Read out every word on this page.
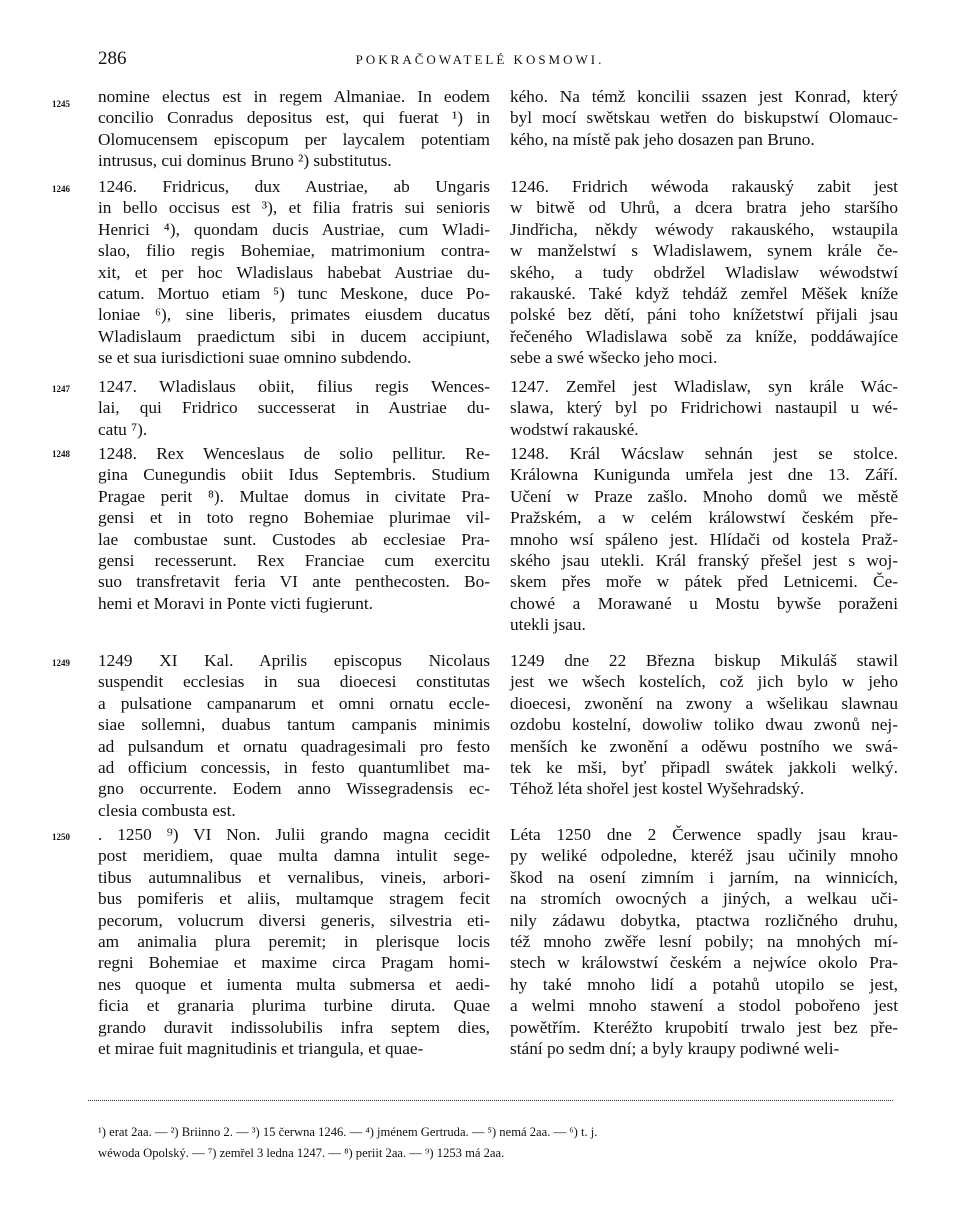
286	POKRAČOWATELÉ KOSMOWI.
1245
1246
1247
1248
1249
1250
nomine electus est in regem Almaniae. In eodem
concilio Conradus depositus est, qui fuerat ¹) in
Olomucensem episcopum per laycalem potentiam
intrusus, cui dominus Bruno ²) substitutus.
1246. Fridricus, dux Austriae, ab Ungaris
in bello occisus est ³), et filia fratris sui senioris
Henrici ⁴), quondam ducis Austriae, cum Wladi-
slao, filio regis Bohemiae, matrimonium contra-
xit, et per hoc Wladislaus habebat Austriae du-
catum. Mortuo etiam ⁵) tunc Meskone, duce Po-
loniae ⁶), sine liberis, primates eiusdem ducatus
Wladislaum praedictum sibi in ducem accipiunt,
se et sua iurisdictioni suae omnino subdendo.
1247. Wladislaus obiit, filius regis Wences-
lai, qui Fridrico successerat in Austriae du-
catu ⁷).
1248. Rex Wenceslaus de solio pellitur. Re-
gina Cunegundis obiit Idus Septembris. Studium
Pragae perit ⁸). Multae domus in civitate Pra-
gensi et in toto regno Bohemiae plurimae vil-
lae combustae sunt. Custodes ab ecclesiae Pra-
gensi recesserunt. Rex Franciae cum exercitu
suo transfretavit feria VI ante penthecosten. Bo-
hemi et Moravi in Ponte victi fugierunt.
1249 XI Kal. Aprilis episcopus Nicolaus
suspendit ecclesias in sua dioecesi constitutas
a pulsatione campanarum et omni ornatu eccle-
siae sollemni, duabus tantum campanis minimis
ad pulsandum et ornatu quadragesimali pro festo
ad officium concessis, in festo quantumlibet ma-
gno occurrente. Eodem anno Wissegradensis ec-
clesia combusta est.
. 1250 ⁹) VI Non. Julii grando magna cecidit
post meridiem, quae multa damna intulit sege-
tibus autumnalibus et vernalibus, vineis, arbori-
bus pomiferis et aliis, multamque stragem fecit
pecorum, volucrum diversi generis, silvestria eti-
am animalia plura peremit; in plerisque locis
regni Bohemiae et maxime circa Pragam homi-
nes quoque et iumenta multa submersa et aedi-
ficia et granaria plurima turbine diruta. Quae
grando duravit indissolubilis infra septem dies,
et mirae fuit magnitudinis et triangula, et quae-
kého. Na témž koncilii ssazen jest Konrad, který
byl mocí swětskau wetřen do biskupstwí Olomauc-
kého, na místě pak jeho dosazen pan Bruno.
1246. Fridrich wéwoda rakauský zabit jest
w bitwě od Uhrů, a dcera bratra jeho staršího
Jindřicha, někdy wéwody rakauského, wstaupila
w manželstwí s Wladislawem, synem krále če-
ského, a tudy obdržel Wladislaw wéwodstwí
rakauské. Také když tehdáž zemřel Měšek kníže
polské bez dětí, páni toho knížetstwí přijali jsau
řečeného Wladislawa sobě za kníže, poddáwajíce
sebe a swé wšecko jeho moci.
1247. Zemřel jest Wladislaw, syn krále Wác-
slawa, který byl po Fridrichowi nastaupil u wé-
wodstwí rakauské.
1248. Král Wácslaw sehnán jest se stolce.
Králowna Kunigunda umřela jest dne 13. Září.
Učení w Praze zašlo. Mnoho domů we městě
Pražském, a w celém králowstwí českém pře-
mnoho wsí spáleno jest. Hlídači od kostela Praž-
ského jsau utekli. Král franský přešel jest s woj-
skem přes moře w pátek před Letnicemi. Če-
chowé a Morawané u Mostu bywše poraženi
utekli jsau.
1249 dne 22 Března biskup Mikuláš stawil
jest we wšech kostelích, což jich bylo w jeho
dioecesi, zwonění na zwony a wšelikau slawnau
ozdobu kostelní, dowoliw toliko dwau zwonů nej-
menších ke zwonění a oděwu postního we swá-
tek ke mši, byť připadl swátek jakkoli welký.
Téhož léta shořel jest kostel Wyšehradský.
Léta 1250 dne 2 Čerwence spadly jsau krau-
py weliké odpoledne, kteréž jsau učinily mnoho
škod na osení zimním i jarním, na winnicích,
na stromích owocných a jiných, a welkau uči-
nily zádawu dobytka, ptactwa rozličného druhu,
též mnoho zwěře lesní pobily; na mnohých mí-
stech w králowstwí českém a nejwíce okolo Pra-
hy také mnoho lidí a potahů utopilo se jest,
a welmi mnoho stawení a stodol pobořeno jest
powětřím. Kteréžto krupobití trwalo jest bez pře-
stání po sedm dní; a byly kraupy podiwné weli-
¹) erat 2aa. — ²) Briinno 2. — ³) 15 čerwna 1246. — ⁴) jménem Gertruda. — ⁵) nemá 2aa. — ⁶) t. j.
wéwoda Opolský. — ⁷) zemřel 3 ledna 1247. — ⁸) periit 2aa. — ⁹) 1253 má 2aa.
